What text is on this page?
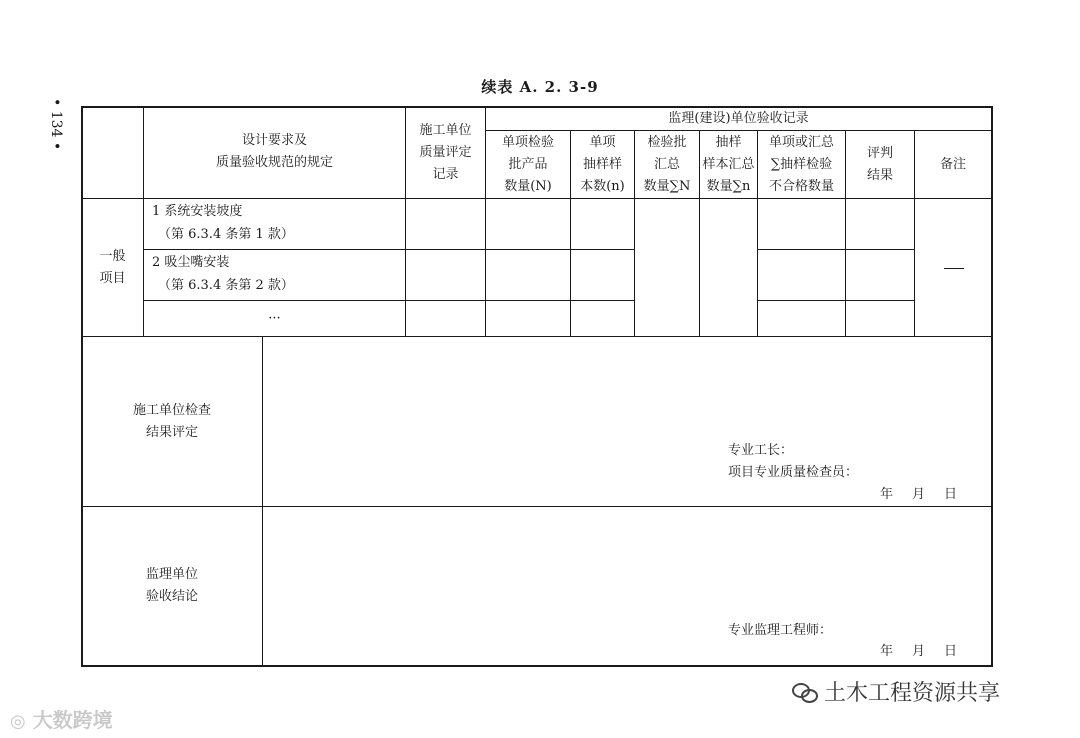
• 134 •
续表 A. 2. 3-9
设计要求及
质量验收规范的规定
施工单位
质量评定
记录
监理(建设)单位验收记录
单项检验
批产品
数量(N)
单项
抽样样
本数(n)
检验批
汇总
数量∑N
抽样
样本汇总
数量∑n
单项或汇总
∑抽样检验
不合格数量
评判
结果
备注
一般
项目
1 系统安装坡度
（第 6.3.4 条第 1 款）
2 吸尘嘴安装
（第 6.3.4 条第 2 款）
···
施工单位检查
结果评定
专业工长：
项目专业质量检查员：
年 月 日
监理单位
验收结论
专业监理工程师：
年 月 日
◎ 大数跨境
土木工程资源共享
